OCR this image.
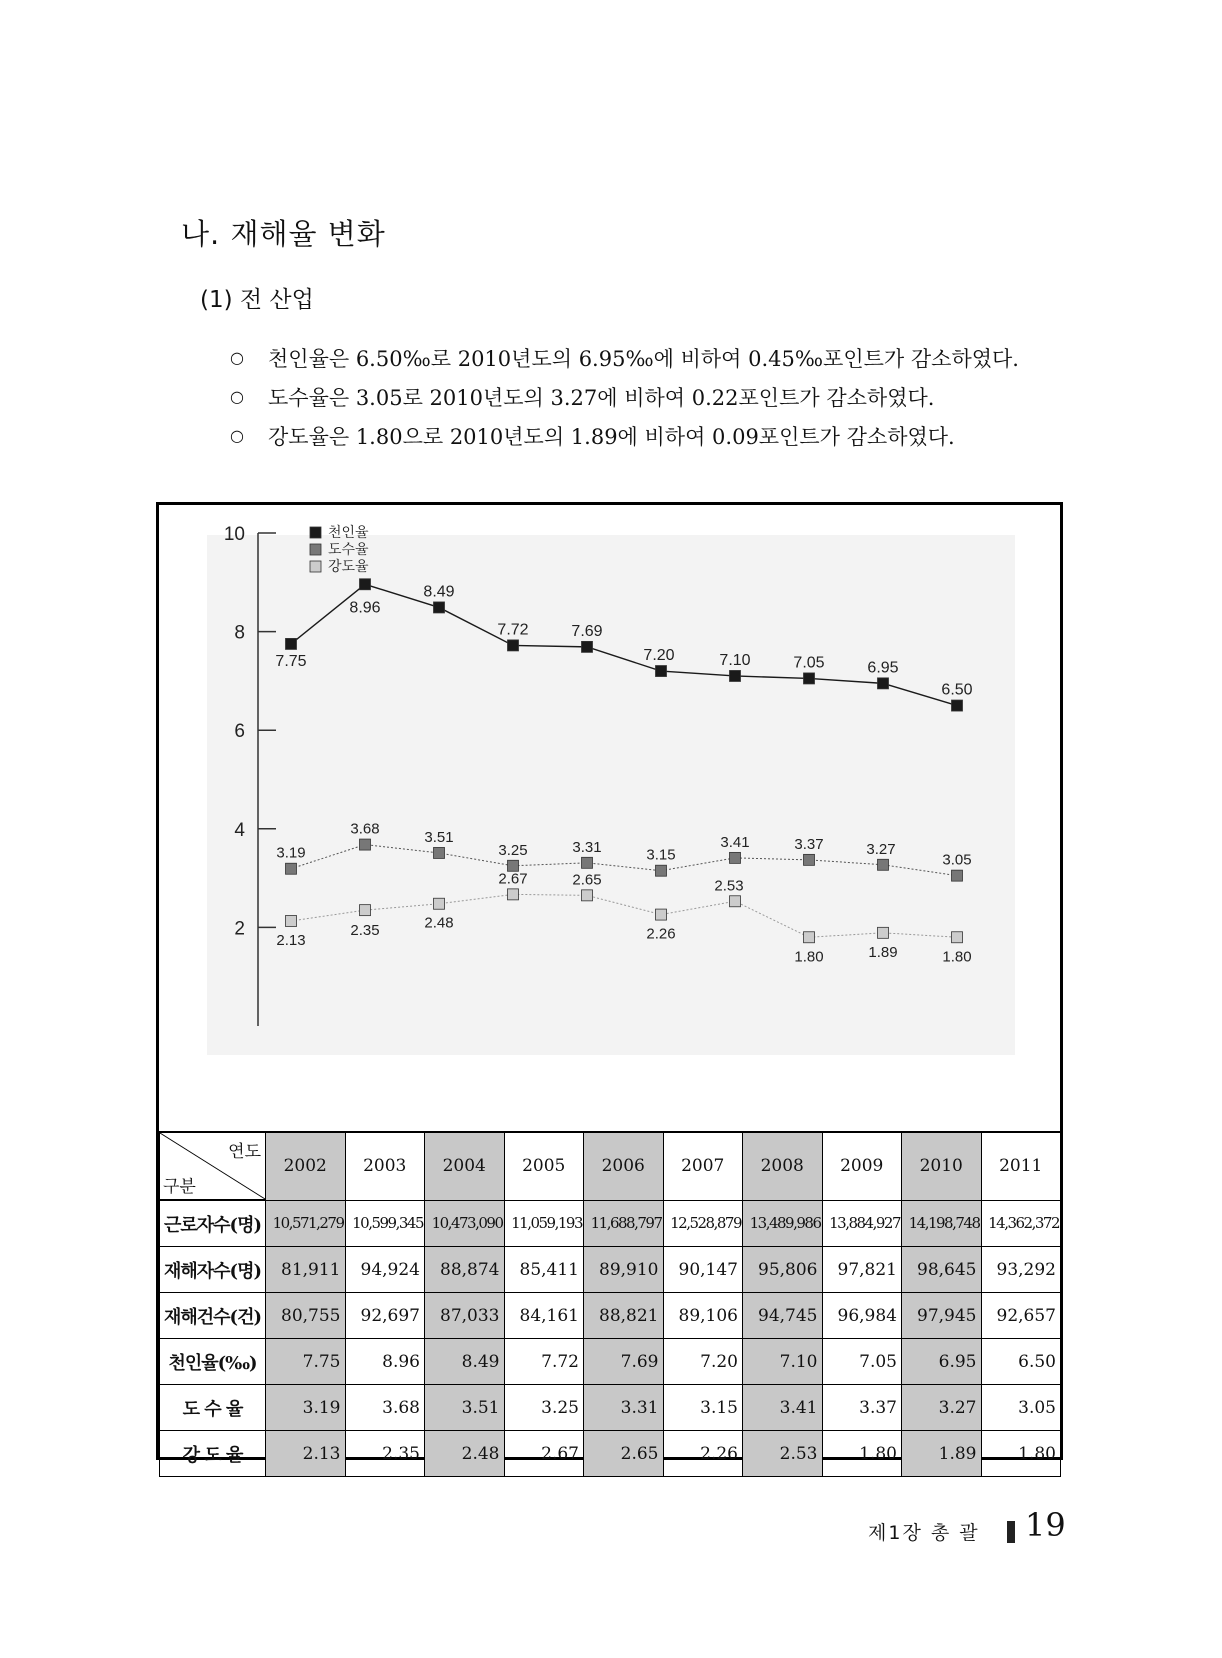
나. 재해율 변화
(1) 전 산업
○	천인율은 6.50‰로 2010년도의 6.95‰에 비하여 0.45‰포인트가 감소하였다.
○	도수율은 3.05로 2010년도의 3.27에 비하여 0.22포인트가 감소하였다.
○	강도율은 1.80으로 2010년도의 1.89에 비하여 0.09포인트가 감소하였다.
2
4
6
8
10
7.75
8.96
8.49
7.72	7.69
7.20	7.10	7.05	6.95
6.50
3.19
3.68	3.51
3.25	3.31	3.15
3.41	3.37	3.27
3.05
2.13
2.35	2.48
2.67	2.65
2.26
2.53
1.80	1.89	1.80
천인율
도수율
강도율
연도
구분	2002	2003	2004	2005	2006	2007	2008	2009	2010	2011
근로자수(명)	10,571,279	10,599,345	10,473,090	11,059,193	11,688,797	12,528,879	13,489,986	13,884,927	14,198,748	14,362,372
재해자수(명)	81,911	94,924	88,874	85,411	89,910	90,147	95,806	97,821	98,645	93,292
재해건수(건)	80,755	92,697	87,033	84,161	88,821	89,106	94,745	96,984	97,945	92,657
천인율(‰)	7.75	8.96	8.49	7.72	7.69	7.20	7.10	7.05	6.95	6.50
도 수 율	3.19	3.68	3.51	3.25	3.31	3.15	3.41	3.37	3.27	3.05
강 도 율	2.13	2.35	2.48	2.67	2.65	2.26	2.53	1.80	1.89	1.80
제1장 총 괄 19
